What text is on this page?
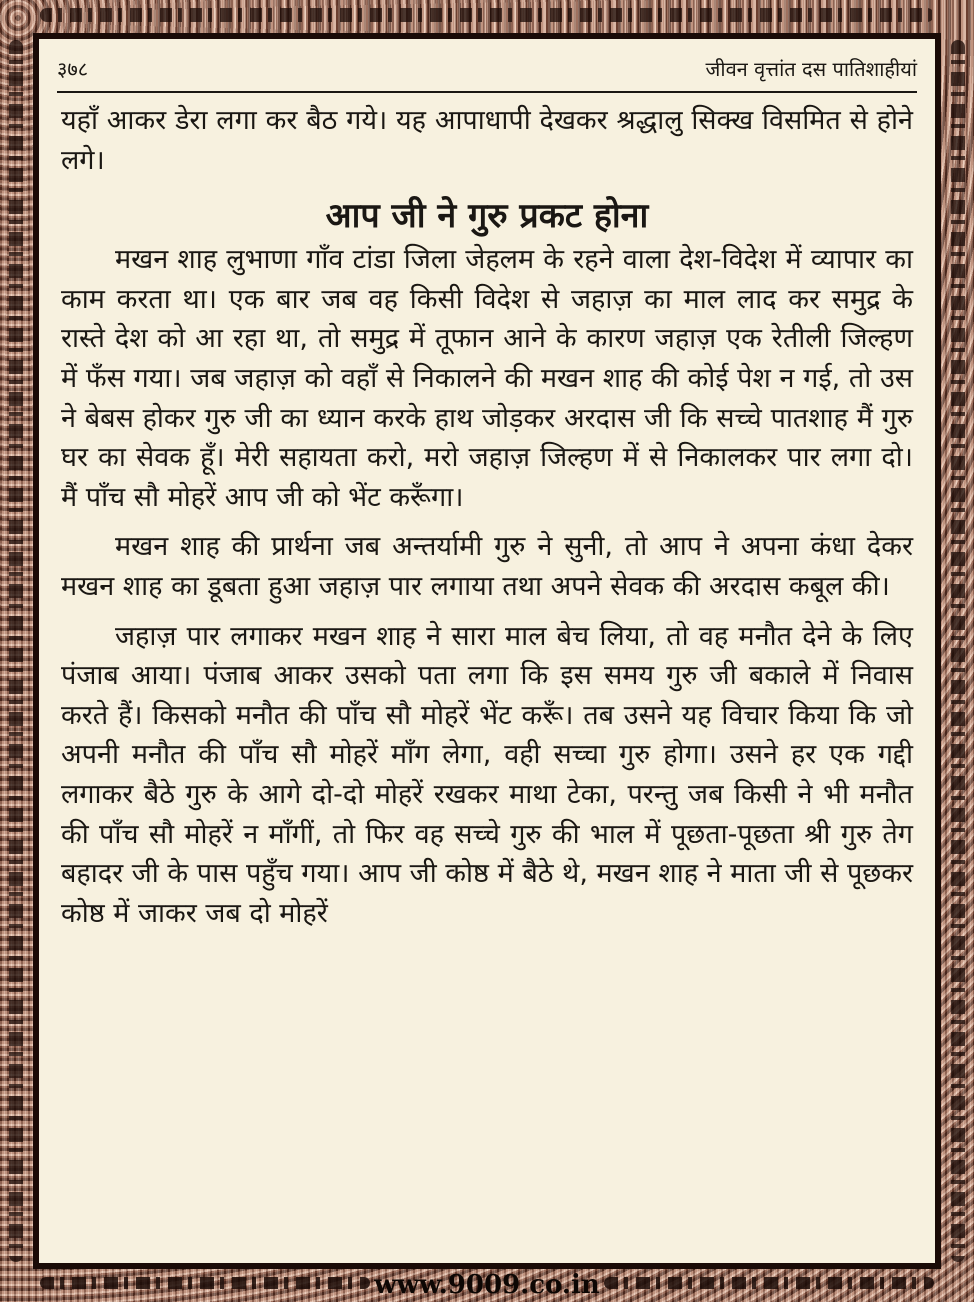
३७८	जीवन वृत्तांत दस पातिशाहीयां

यहाँ आकर डेरा लगा कर बैठ गये। यह आपाधापी देखकर श्रद्धालु सिक्ख विसमित से होने लगे।

आप जी ने गुरु प्रकट होना

मखन शाह लुभाणा गाँव टांडा जिला जेहलम के रहने वाला देश-विदेश में व्यापार का काम करता था। एक बार जब वह किसी विदेश से जहाज़ का माल लाद कर समुद्र के रास्ते देश को आ रहा था, तो समुद्र में तूफान आने के कारण जहाज़ एक रेतीली जिल्हण में फँस गया। जब जहाज़ को वहाँ से निकालने की मखन शाह की कोई पेश न गई, तो उस ने बेबस होकर गुरु जी का ध्यान करके हाथ जोड़कर अरदास जी कि सच्चे पातशाह मैं गुरु घर का सेवक हूँ। मेरी सहायता करो, मरो जहाज़ जिल्हण में से निकालकर पार लगा दो। मैं पाँच सौ मोहरें आप जी को भेंट करूँगा।

मखन शाह की प्रार्थना जब अन्तर्यामी गुरु ने सुनी, तो आप ने अपना कंधा देकर मखन शाह का डूबता हुआ जहाज़ पार लगाया तथा अपने सेवक की अरदास कबूल की।

जहाज़ पार लगाकर मखन शाह ने सारा माल बेच लिया, तो वह मनौत देने के लिए पंजाब आया। पंजाब आकर उसको पता लगा कि इस समय गुरु जी बकाले में निवास करते हैं। किसको मनौत की पाँच सौ मोहरें भेंट करूँ। तब उसने यह विचार किया कि जो अपनी मनौत की पाँच सौ मोहरें माँग लेगा, वही सच्चा गुरु होगा। उसने हर एक गद्दी लगाकर बैठे गुरु के आगे दो-दो मोहरें रखकर माथा टेका, परन्तु जब किसी ने भी मनौत की पाँच सौ मोहरें न माँगीं, तो फिर वह सच्चे गुरु की भाल में पूछता-पूछता श्री गुरु तेग बहादर जी के पास पहुँच गया। आप जी कोष्ठ में बैठे थे, मखन शाह ने माता जी से पूछकर कोष्ठ में जाकर जब दो मोहरें

www.9009.co.in
